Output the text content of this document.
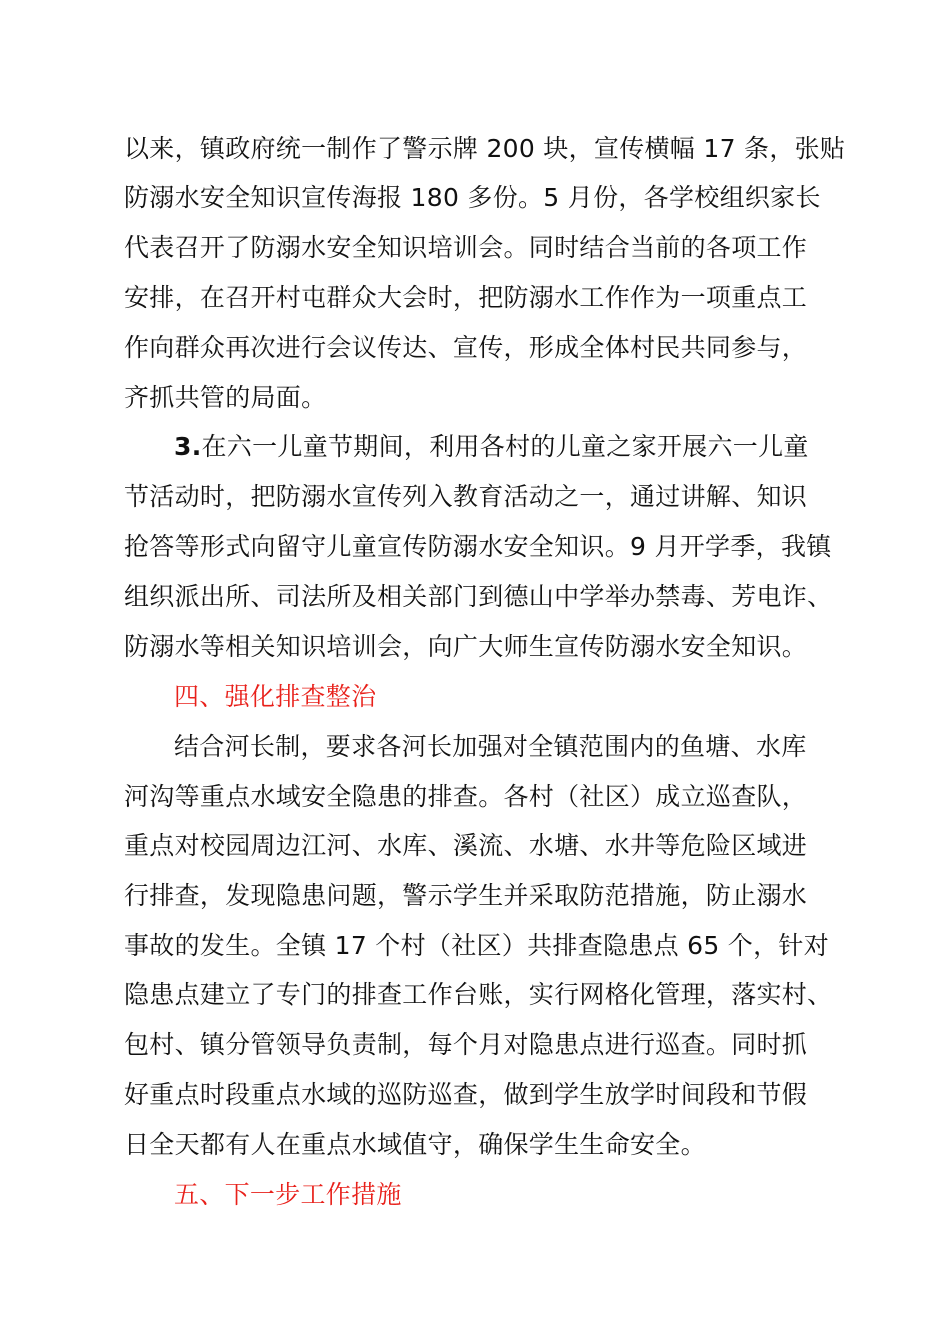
以来，镇政府统一制作了警示牌 200 块，宣传横幅 17 条，张贴
防溺水安全知识宣传海报 180 多份。5 月份，各学校组织家长
代表召开了防溺水安全知识培训会。同时结合当前的各项工作
安排，在召开村屯群众大会时，把防溺水工作作为一项重点工
作向群众再次进行会议传达、宣传，形成全体村民共同参与，
齐抓共管的局面。
3.在六一儿童节期间，利用各村的儿童之家开展六一儿童
节活动时，把防溺水宣传列入教育活动之一，通过讲解、知识
抢答等形式向留守儿童宣传防溺水安全知识。9 月开学季，我镇
组织派出所、司法所及相关部门到德山中学举办禁毒、芳电诈、
防溺水等相关知识培训会，向广大师生宣传防溺水安全知识。
四、强化排查整治
结合河长制，要求各河长加强对全镇范围内的鱼塘、水库
河沟等重点水域安全隐患的排查。各村（社区）成立巡查队，
重点对校园周边江河、水库、溪流、水塘、水井等危险区域进
行排查，发现隐患问题，警示学生并采取防范措施，防止溺水
事故的发生。全镇 17 个村（社区）共排查隐患点 65 个，针对
隐患点建立了专门的排查工作台账，实行网格化管理，落实村、
包村、镇分管领导负责制，每个月对隐患点进行巡查。同时抓
好重点时段重点水域的巡防巡查，做到学生放学时间段和节假
日全天都有人在重点水域值守，确保学生生命安全。
五、下一步工作措施
